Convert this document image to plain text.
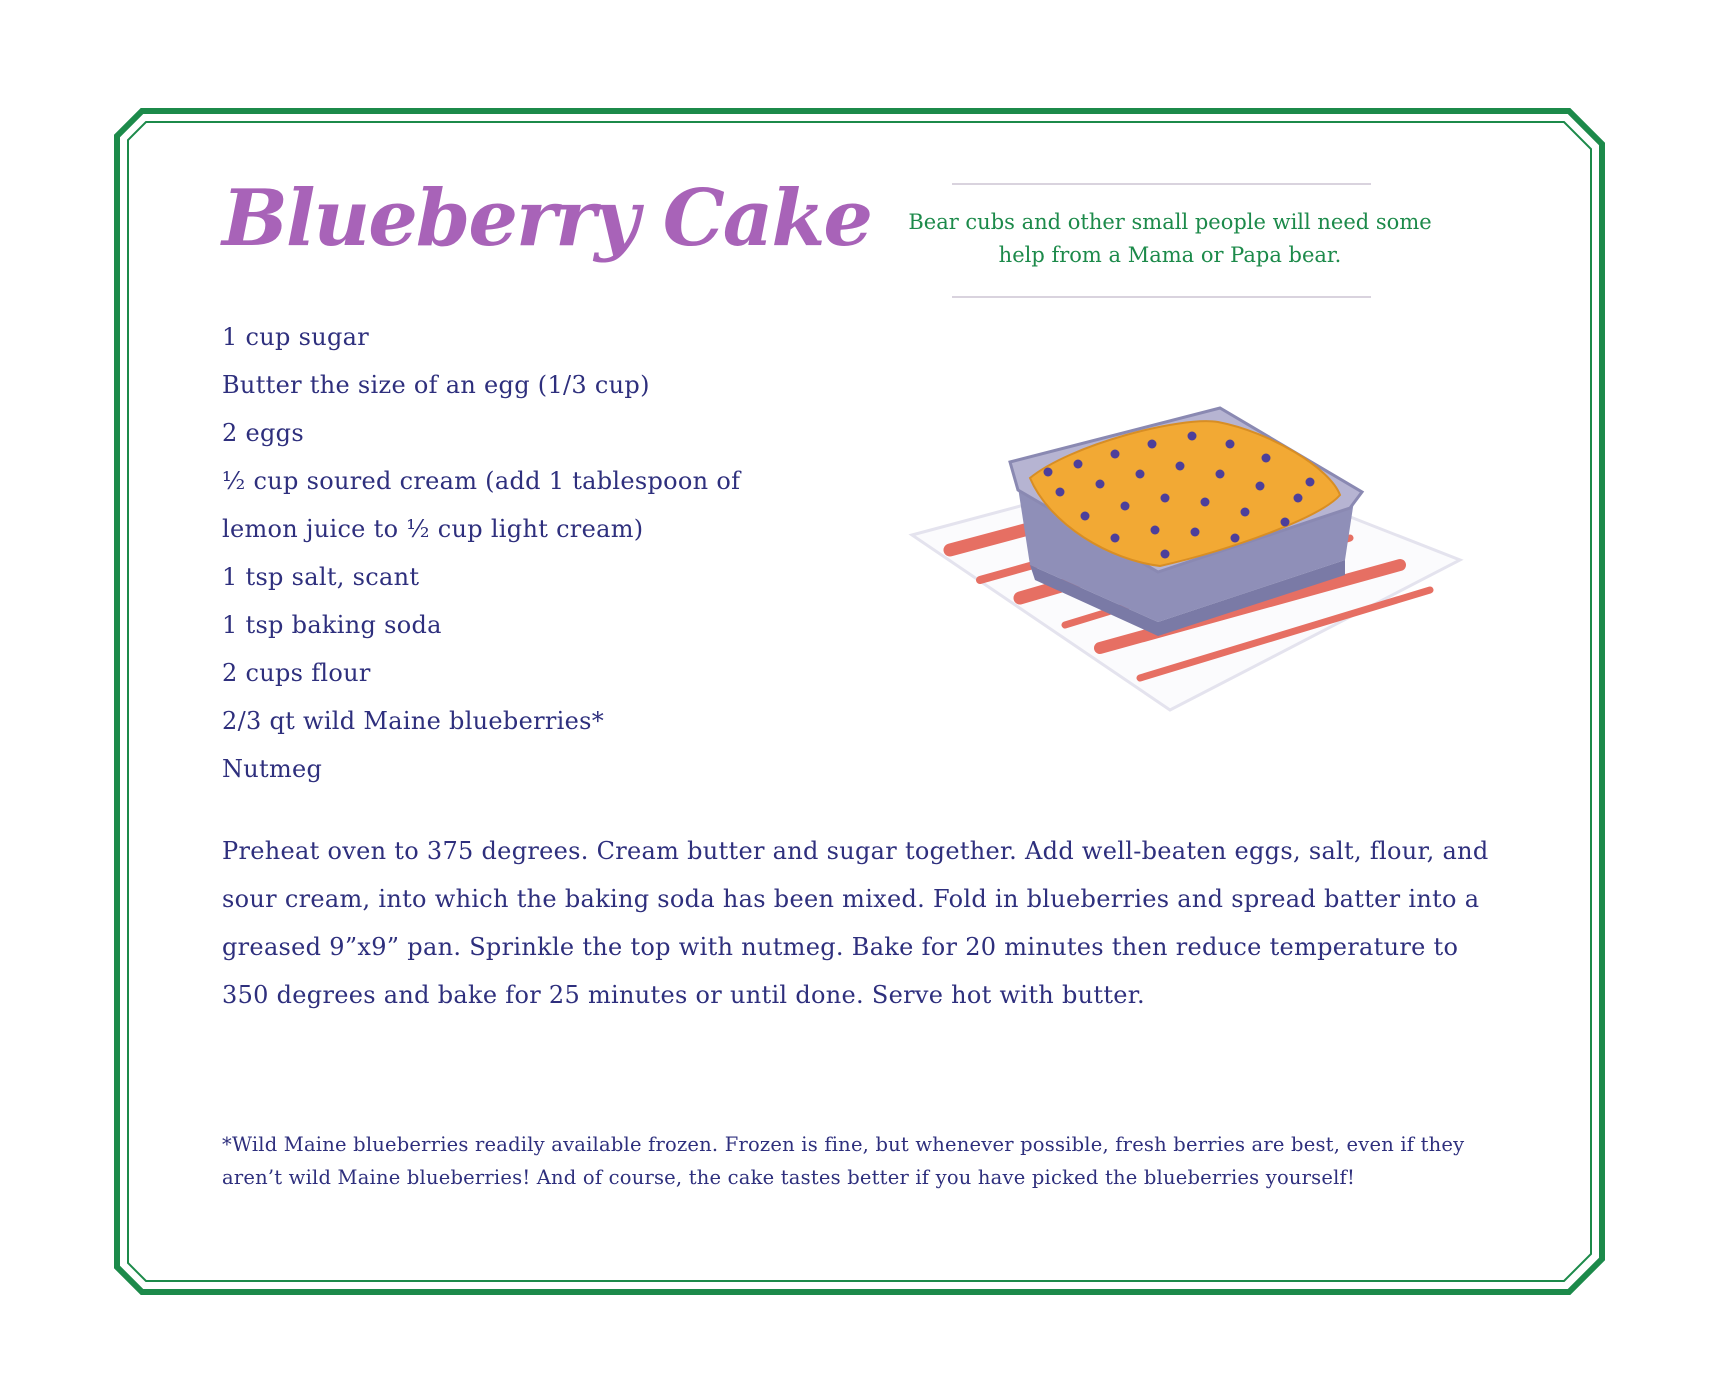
Blueberry Cake	Bear cubs and other small people will need some help from a Mama or Papa bear.

1 cup sugar
Butter the size of an egg (1/3 cup)
2 eggs
½ cup soured cream (add 1 tablespoon of
lemon juice to ½ cup light cream)
1 tsp salt, scant
1 tsp baking soda
2 cups flour
2/3 qt wild Maine blueberries*
Nutmeg

Preheat oven to 375 degrees. Cream butter and sugar together. Add well-beaten eggs, salt, flour, and sour cream, into which the baking soda has been mixed. Fold in blueberries and spread batter into a greased 9”x9” pan. Sprinkle the top with nutmeg. Bake for 20 minutes then reduce temperature to 350 degrees and bake for 25 minutes or until done. Serve hot with butter.

*Wild Maine blueberries readily available frozen. Frozen is fine, but whenever possible, fresh berries are best, even if they aren’t wild Maine blueberries! And of course, the cake tastes better if you have picked the blueberries yourself!
